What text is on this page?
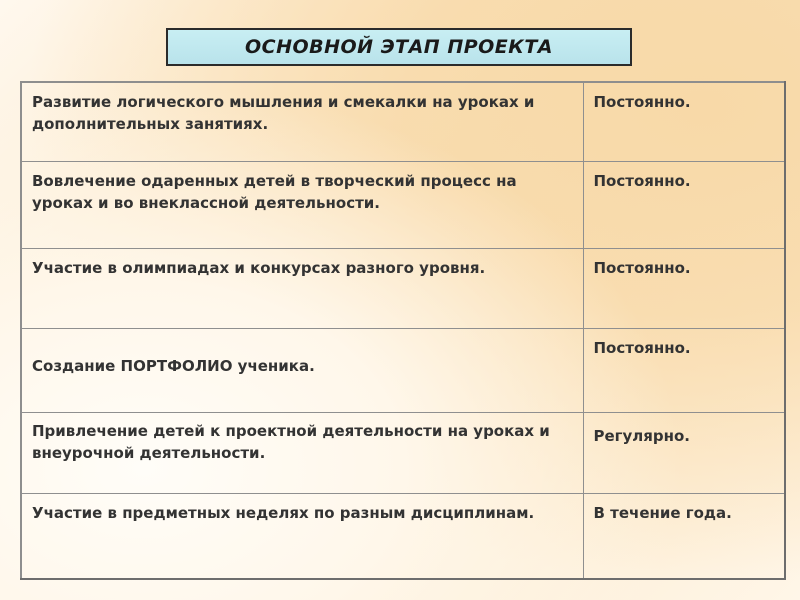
ОСНОВНОЙ ЭТАП ПРОЕКТА
Развитие логического мышления и смекалки на уроках и дополнительных занятиях.	Постоянно.

Вовлечение одаренных детей в творческий процесс на уроках и во внеклассной деятельности.	Постоянно.

Участие в олимпиадах и конкурсах разного уровня.	Постоянно.

Создание ПОРТФОЛИО ученика.	Постоянно.

Привлечение детей к проектной деятельности на уроках и внеурочной деятельности.	Регулярно.

Участие в предметных неделях по разным дисциплинам.	В течение года.
